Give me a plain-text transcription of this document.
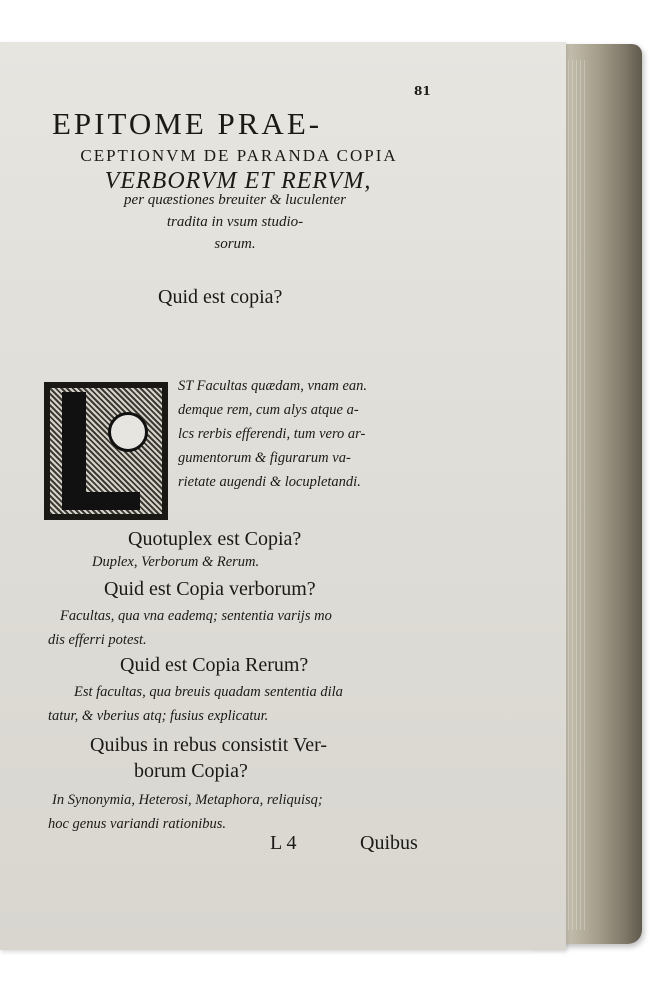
81
EPITOME PRAE-
CEPTIONVM DE PARANDA COPIA
VERBORVM ET RERVM,
per quæstiones breuiter & luculenter
tradita in vsum studio-
sorum.
Quid est copia?
ST Facultas quædam, vnam ean.
demque rem, cum alys atque a-
lcs rerbis efferendi, tum vero ar-
gumentorum & figurarum va-
rietate augendi & locupletandi.
Quotuplex est Copia?
Duplex, Verborum & Rerum.
Quid est Copia verborum?
Facultas, qua vna eademq; sententia varijs mo
dis efferri potest.
Quid est Copia Rerum?
Est facultas, qua breuis quadam sententia dila
tatur, & vberius atq; fusius explicatur.
Quibus in rebus consistit Ver-
borum Copia?
In Synonymia, Heterosi, Metaphora, reliquisq;
hoc genus variandi rationibus.
L 4	Quibus
